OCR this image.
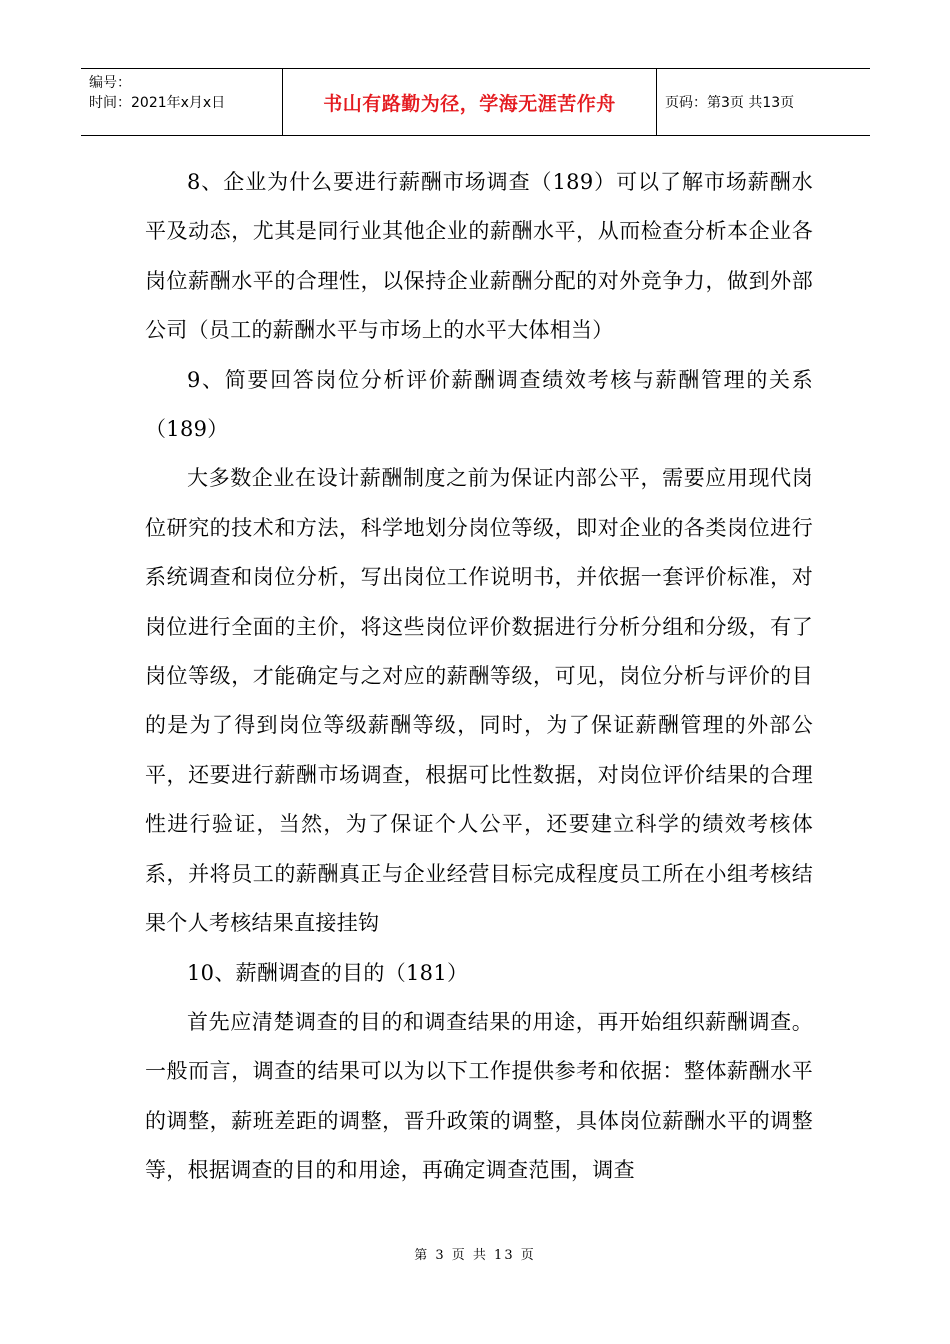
编号：
时间：2021年x月x日	书山有路勤为径，学海无涯苦作舟	页码：第3页 共13页

8、企业为什么要进行薪酬市场调查（189）可以了解市场薪酬水平及动态，尤其是同行业其他企业的薪酬水平，从而检查分析本企业各岗位薪酬水平的合理性，以保持企业薪酬分配的对外竞争力，做到外部公司（员工的薪酬水平与市场上的水平大体相当）

9、简要回答岗位分析评价薪酬调查绩效考核与薪酬管理的关系（189）

大多数企业在设计薪酬制度之前为保证内部公平，需要应用现代岗位研究的技术和方法，科学地划分岗位等级，即对企业的各类岗位进行系统调查和岗位分析，写出岗位工作说明书，并依据一套评价标准，对岗位进行全面的主价，将这些岗位评价数据进行分析分组和分级，有了岗位等级，才能确定与之对应的薪酬等级，可见，岗位分析与评价的目的是为了得到岗位等级薪酬等级，同时，为了保证薪酬管理的外部公平，还要进行薪酬市场调查，根据可比性数据，对岗位评价结果的合理性进行验证，当然，为了保证个人公平，还要建立科学的绩效考核体系，并将员工的薪酬真正与企业经营目标完成程度员工所在小组考核结果个人考核结果直接挂钩

10、薪酬调查的目的（181）

首先应清楚调查的目的和调查结果的用途，再开始组织薪酬调查。一般而言，调查的结果可以为以下工作提供参考和依据：整体薪酬水平的调整，薪班差距的调整，晋升政策的调整，具体岗位薪酬水平的调整等，根据调查的目的和用途，再确定调查范围，调查

第 3 页 共 13 页
